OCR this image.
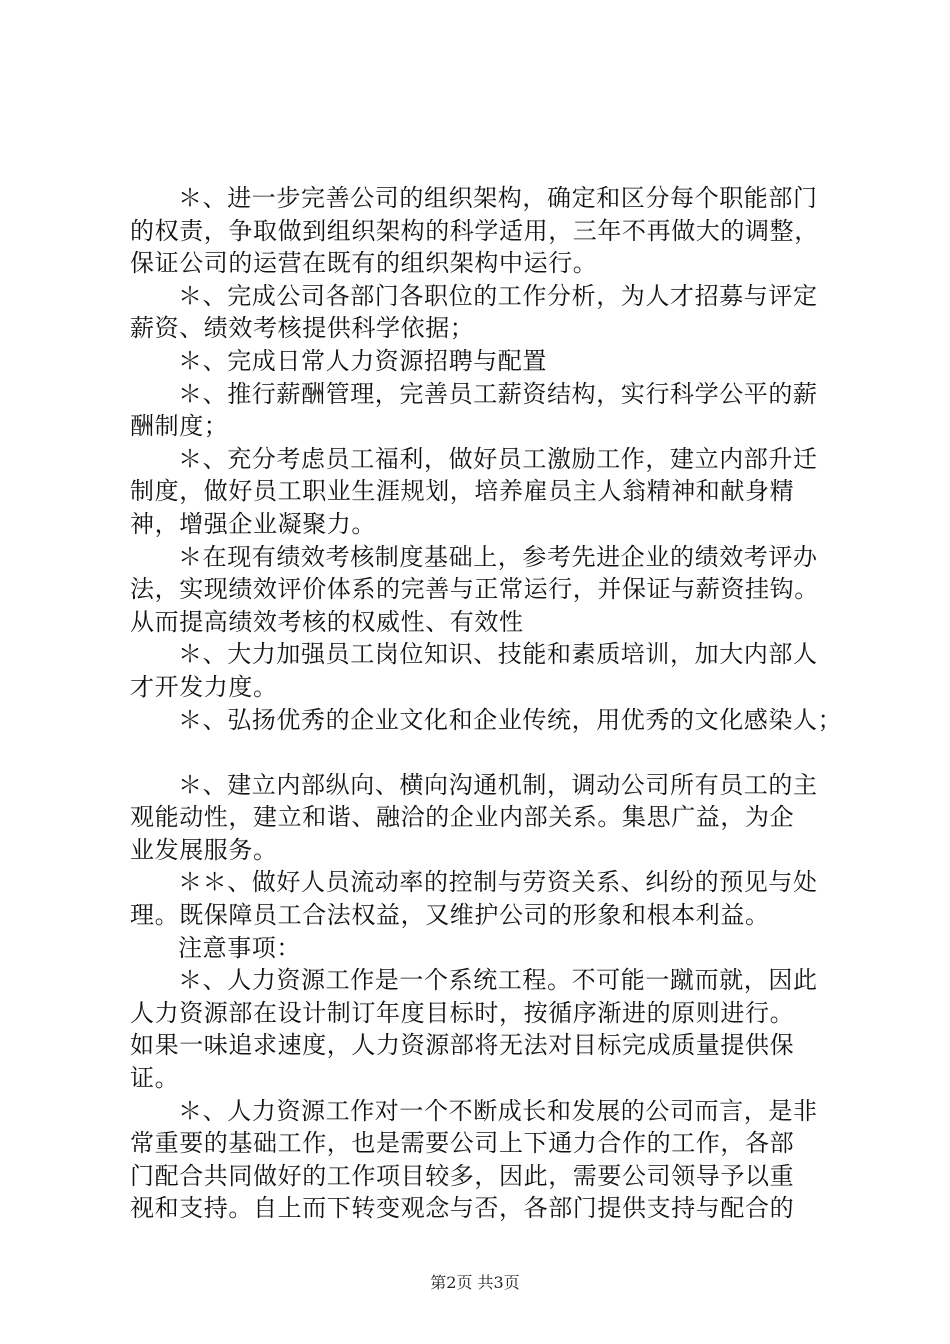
＊、进一步完善公司的组织架构，确定和区分每个职能部门
的权责，争取做到组织架构的科学适用，三年不再做大的调整，
保证公司的运营在既有的组织架构中运行。
＊、完成公司各部门各职位的工作分析，为人才招募与评定
薪资、绩效考核提供科学依据；
＊、完成日常人力资源招聘与配置
＊、推行薪酬管理，完善员工薪资结构，实行科学公平的薪
酬制度；
＊、充分考虑员工福利，做好员工激励工作，建立内部升迁
制度，做好员工职业生涯规划，培养雇员主人翁精神和献身精
神，增强企业凝聚力。
＊在现有绩效考核制度基础上，参考先进企业的绩效考评办
法，实现绩效评价体系的完善与正常运行，并保证与薪资挂钩。
从而提高绩效考核的权威性、有效性
＊、大力加强员工岗位知识、技能和素质培训，加大内部人
才开发力度。
＊、弘扬优秀的企业文化和企业传统，用优秀的文化感染人；
＊、建立内部纵向、横向沟通机制，调动公司所有员工的主
观能动性，建立和谐、融洽的企业内部关系。集思广益，为企
业发展服务。
＊＊、做好人员流动率的控制与劳资关系、纠纷的预见与处
理。既保障员工合法权益，又维护公司的形象和根本利益。
注意事项：
＊、人力资源工作是一个系统工程。不可能一蹴而就，因此
人力资源部在设计制订年度目标时，按循序渐进的原则进行。
如果一味追求速度，人力资源部将无法对目标完成质量提供保
证。
＊、人力资源工作对一个不断成长和发展的公司而言，是非
常重要的基础工作，也是需要公司上下通力合作的工作，各部
门配合共同做好的工作项目较多，因此，需要公司领导予以重
视和支持。自上而下转变观念与否，各部门提供支持与配合的
第2页 共3页
